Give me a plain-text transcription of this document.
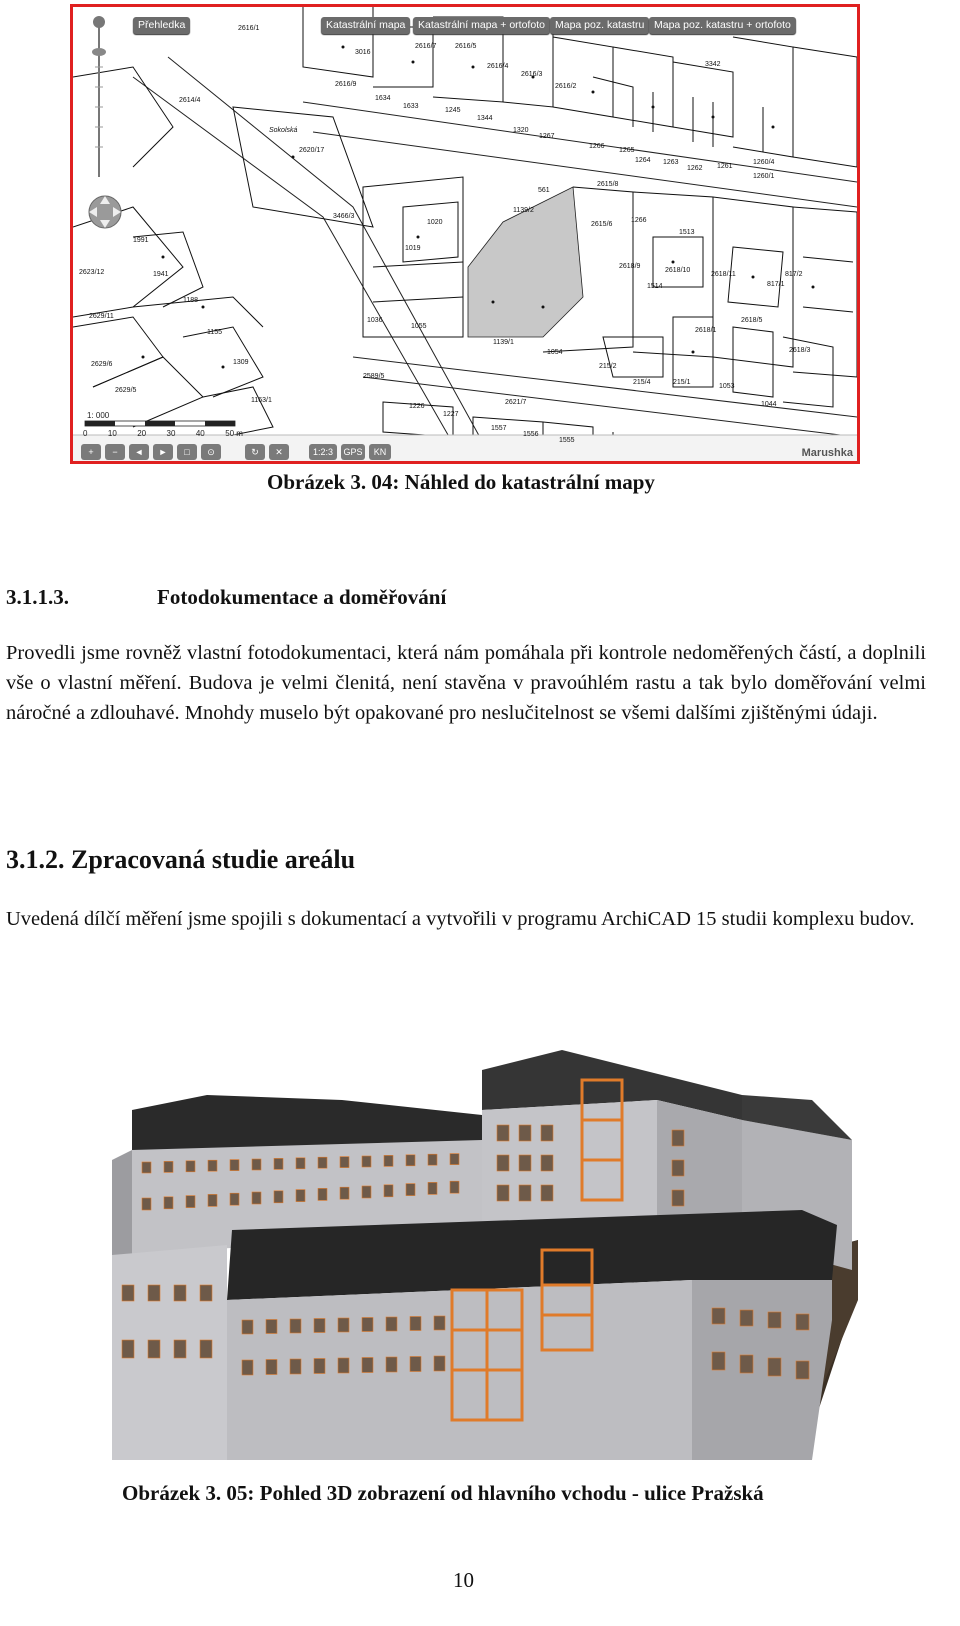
2616/1
3016
2616/7	2616/5
2616/4
2616/3
2616/2
2616/9
1634
1633
1245
1344
1320
1267
1266
1265
1264 1263
1262 1261
1260/4
1260/1
3342
2614/4
2620/17
3466/3
2615/8
1020
1019
1036
1055
1139/1
1054
2615/6
1266
1513
2618/9
2618/10
2618/11
1514	817/1
817/2
2618/1
2618/5
2618/3
215/2
215/4	215/1
1053
1044
1991
1941
1188
1155
1309
2629/11
2629/6
2629/5
2623/12
1163/1
1226
1227
1557
1556
1555
2589/5
2621/7
561
1139/2
1: 000
0	10	20	30	40	50 m
Sokolská
Přehledka	Katastrální mapa	Katastrální mapa + ortofoto Mapa poz. katastru Mapa poz. katastru + ortofoto
+	−	◄	►	□	⊙	↻	✕	1:2:3	GPS	KN	Marushka
Obrázek 3. 04: Náhled do katastrální mapy
3.1.1.3.	Fotodokumentace a doměřování

Provedli jsme rovněž vlastní fotodokumentaci, která nám pomáhala při kontrole nedoměřených částí, a doplnili vše o vlastní měření. Budova je velmi členitá, není stavěna v pravoúhlém rastu a tak bylo doměřování velmi náročné a zdlouhavé. Mnohdy muselo být opakované pro neslučitelnost se všemi dalšími zjištěnými údaji.

3.1.2. Zpracovaná studie areálu

Uvedená dílčí měření jsme spojili s dokumentací a vytvořili v programu ArchiCAD 15 studii komplexu budov.

Obrázek 3. 05: Pohled 3D zobrazení od hlavního vchodu - ulice Pražská
10
